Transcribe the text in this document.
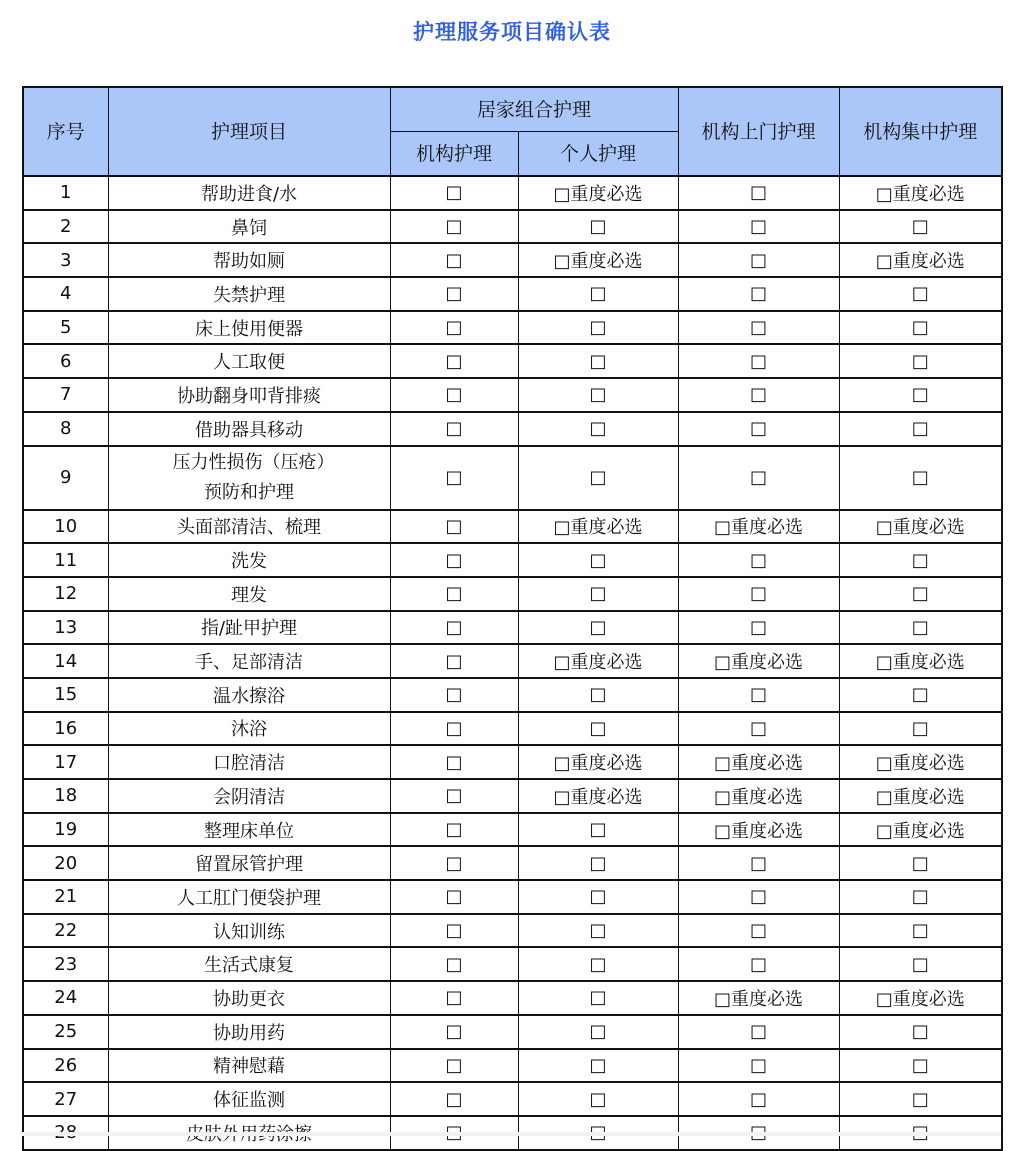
护理服务项目确认表
序号	护理项目	居家组合护理		机构上门护理	机构集中护理
		机构护理	个人护理		
1	帮助进食/水	□	□重度必选	□	□重度必选
2	鼻饲	□	□	□	□
3	帮助如厕	□	□重度必选	□	□重度必选
4	失禁护理	□	□	□	□
5	床上使用便器	□	□	□	□
6	人工取便	□	□	□	□
7	协助翻身叩背排痰	□	□	□	□
8	借助器具移动	□	□	□	□
9	压力性损伤（压疮）预防和护理	□	□	□	□
10	头面部清洁、梳理	□	□重度必选	□重度必选	□重度必选
11	洗发	□	□	□	□
12	理发	□	□	□	□
13	指/趾甲护理	□	□	□	□
14	手、足部清洁	□	□重度必选	□重度必选	□重度必选
15	温水擦浴	□	□	□	□
16	沐浴	□	□	□	□
17	口腔清洁	□	□重度必选	□重度必选	□重度必选
18	会阴清洁	□	□重度必选	□重度必选	□重度必选
19	整理床单位	□	□	□重度必选	□重度必选
20	留置尿管护理	□	□	□	□
21	人工肛门便袋护理	□	□	□	□
22	认知训练	□	□	□	□
23	生活式康复	□	□	□	□
24	协助更衣	□	□	□重度必选	□重度必选
25	协助用药	□	□	□	□
26	精神慰藉	□	□	□	□
27	体征监测	□	□	□	□
